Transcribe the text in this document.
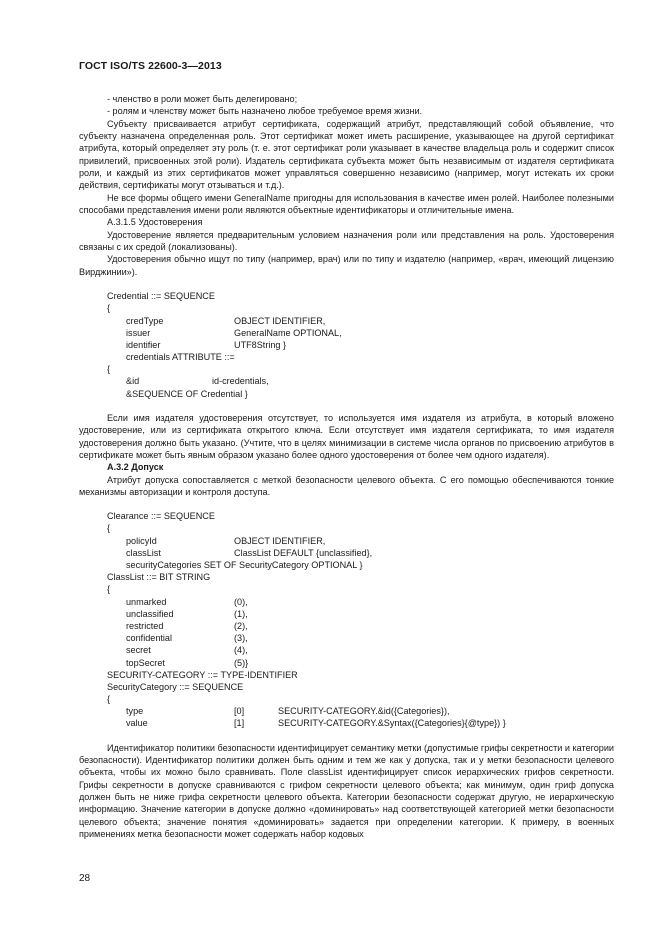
ГОСТ ISO/TS 22600-3—2013

- членство в роли может быть делегировано;

- ролям и членству может быть назначено любое требуемое время жизни.

Субъекту присваивается атрибут сертификата, содержащий атрибут, представляющий собой объявление, что субъекту назначена определенная роль. Этот сертификат может иметь расширение, указывающее на другой сертификат атрибута, который определяет эту роль (т. е. этот сертификат роли указывает в качестве владельца роль и содержит список привилегий, присвоенных этой роли). Издатель сертификата субъекта может быть независимым от издателя сертификата роли, и каждый из этих сертификатов может управляться совершенно независимо (например, могут истекать их сроки действия, сертификаты могут отзываться и т.д.).

Не все формы общего имени GeneralName пригодны для использования в качестве имен ролей. Наиболее полезными способами представления имени роли являются объектные идентификаторы и отличительные имена.

А.3.1.5 Удостоверения

Удостоверение является предварительным условием назначения роли или представления на роль. Удостоверения связаны с их средой (локализованы).

Удостоверения обычно ищут по типу (например, врач) или по типу и издателю (например, «врач, имеющий лицензию Вирджинии»).

Credential ::= SEQUENCE
{
credType	OBJECT IDENTIFIER,
issuer	GeneralName OPTIONAL,
identifier	UTF8String }
credentials ATTRIBUTE ::=
{
&id	id-credentials,
&SEQUENCE OF Credential }

Если имя издателя удостоверения отсутствует, то используется имя издателя из атрибута, в который вложено удостоверение, или из сертификата открытого ключа. Если отсутствует имя издателя сертификата, то имя издателя удостоверения должно быть указано. (Учтите, что в целях минимизации в системе числа органов по присвоению атрибутов в сертификате может быть явным образом указано более одного удостоверения от более чем одного издателя).

А.3.2 Допуск

Атрибут допуска сопоставляется с меткой безопасности целевого объекта. С его помощью обеспечиваются тонкие механизмы авторизации и контроля доступа.

Clearance ::= SEQUENCE
{
policyId	OBJECT IDENTIFIER,
classList	ClassList DEFAULT {unclassified},
securityCategories SET OF SecurityCategory OPTIONAL }
ClassList ::= BIT STRING
{
unmarked	(0),
unclassified	(1),
restricted	(2),
confidential	(3),
secret	(4),
topSecret	(5)}
SECURITY-CATEGORY ::= TYPE-IDENTIFIER
SecurityCategory ::= SEQUENCE
{
type	[0]	SECURITY-CATEGORY.&id({Categories}),
value	[1]	SECURITY-CATEGORY.&Syntax({Categories}{@type}) }

Идентификатор политики безопасности идентифицирует семантику метки (допустимые грифы секретности и категории безопасности). Идентификатор политики должен быть одним и тем же как у допуска, так и у метки безопасности целевого объекта, чтобы их можно было сравнивать. Поле classList идентифицирует список иерархических грифов секретности. Грифы секретности в допуске сравниваются с грифом секретности целевого объекта; как минимум, один гриф допуска должен быть не ниже грифа секретности целевого объекта. Категории безопасности содержат другую, не иерархическую информацию. Значение категории в допуске должно «доминировать» над соответствующей категорией метки безопасности целевого объекта; значение понятия «доминировать» задается при определении категории. К примеру, в военных применениях метка безопасности может содержать набор кодовых

28
